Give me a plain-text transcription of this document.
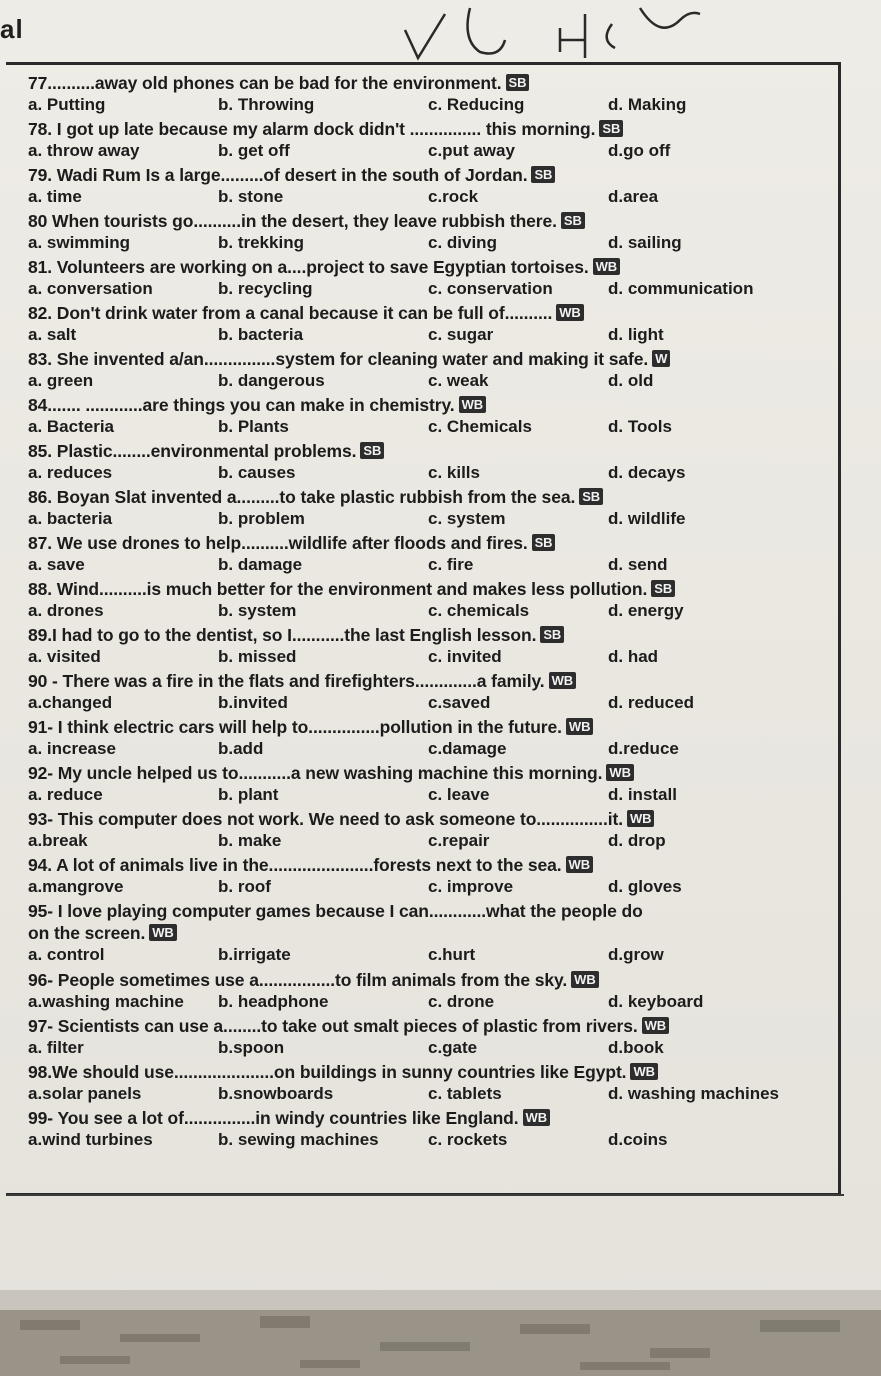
al
77..........away old phones can be bad for the environment. SB
a. Putting	b. Throwing	c. Reducing	d. Making
78. I got up late because my alarm dock didn't ............... this morning. SB
a. throw away	b. get off	c.put away	d.go off
79. Wadi Rum Is a large.........of desert in the south of Jordan. SB
a. time	b. stone	c.rock	d.area
80 When tourists go..........in the desert, they leave rubbish there. SB
a. swimming	b. trekking	c. diving	d. sailing
81. Volunteers are working on a....project to save Egyptian tortoises. WB
a. conversation	b. recycling	c. conservation	d. communication
82. Don't drink water from a canal because it can be full of.......... WB
a. salt	b. bacteria	c. sugar	d. light
83. She invented a/an...............system for cleaning water and making it safe. W
a. green	b. dangerous	c. weak	d. old
84....... ............are things you can make in chemistry. WB
a. Bacteria	b. Plants	c. Chemicals	d. Tools
85. Plastic........environmental problems. SB
a. reduces	b. causes	c. kills	d. decays
86. Boyan Slat invented a.........to take plastic rubbish from the sea. SB
a. bacteria	b. problem	c. system	d. wildlife
87. We use drones to help..........wildlife after floods and fires. SB
a. save	b. damage	c. fire	d. send
88. Wind..........is much better for the environment and makes less pollution. SB
a. drones	b. system	c. chemicals	d. energy
89.I had to go to the dentist, so I...........the last English lesson. SB
a. visited	b. missed	c. invited	d. had
90 - There was a fire in the flats and firefighters.............a family. WB
a.changed	b.invited	c.saved	d. reduced
91- I think electric cars will help to...............pollution in the future. WB
a. increase	b.add	c.damage	d.reduce
92- My uncle helped us to...........a new washing machine this morning. WB
a. reduce	b. plant	c. leave	d. install
93- This computer does not work. We need to ask someone to...............it. WB
a.break	b. make	c.repair	d. drop
94. A lot of animals live in the......................forests next to the sea. WB
a.mangrove	b. roof	c. improve	d. gloves
95- I love playing computer games because I can............what the people do
on the screen. WB
a. control	b.irrigate	c.hurt	d.grow
96- People sometimes use a................to film animals from the sky. WB
a.washing machine b. headphone	c. drone	d. keyboard
97- Scientists can use a........to take out smalt pieces of plastic from rivers. WB
a. filter	b.spoon	c.gate	d.book
98.We should use.....................on buildings in sunny countries like Egypt. WB
a.solar panels	b.snowboards	c. tablets	d. washing machines
99- You see a lot of...............in windy countries like England. WB
a.wind turbines	b. sewing machines	c. rockets	d.coins
